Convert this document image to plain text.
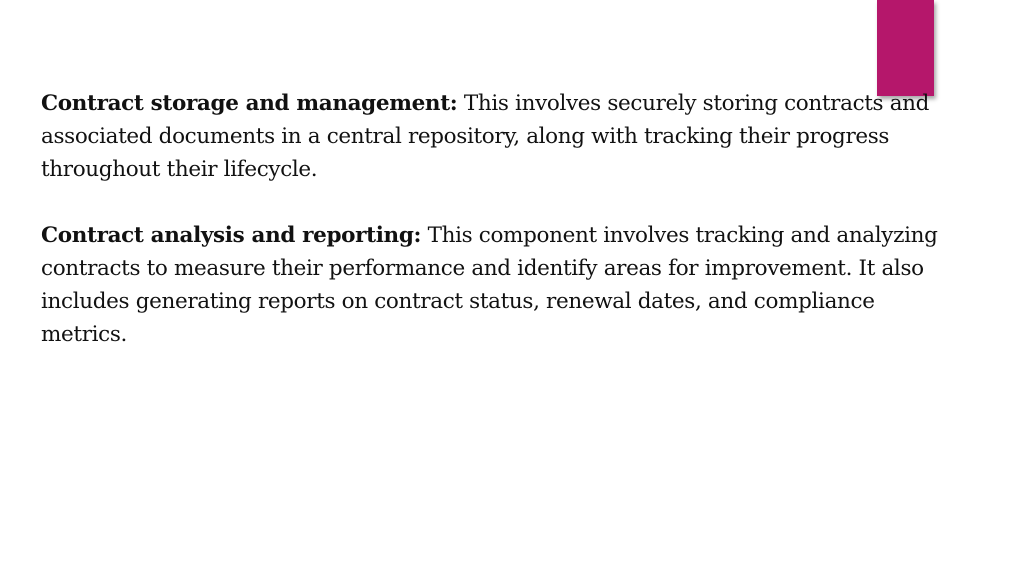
Contract storage and management: This involves securely storing contracts and associated documents in a central repository, along with tracking their progress throughout their lifecycle.

Contract analysis and reporting: This component involves tracking and analyzing contracts to measure their performance and identify areas for improvement. It also includes generating reports on contract status, renewal dates, and compliance metrics.
